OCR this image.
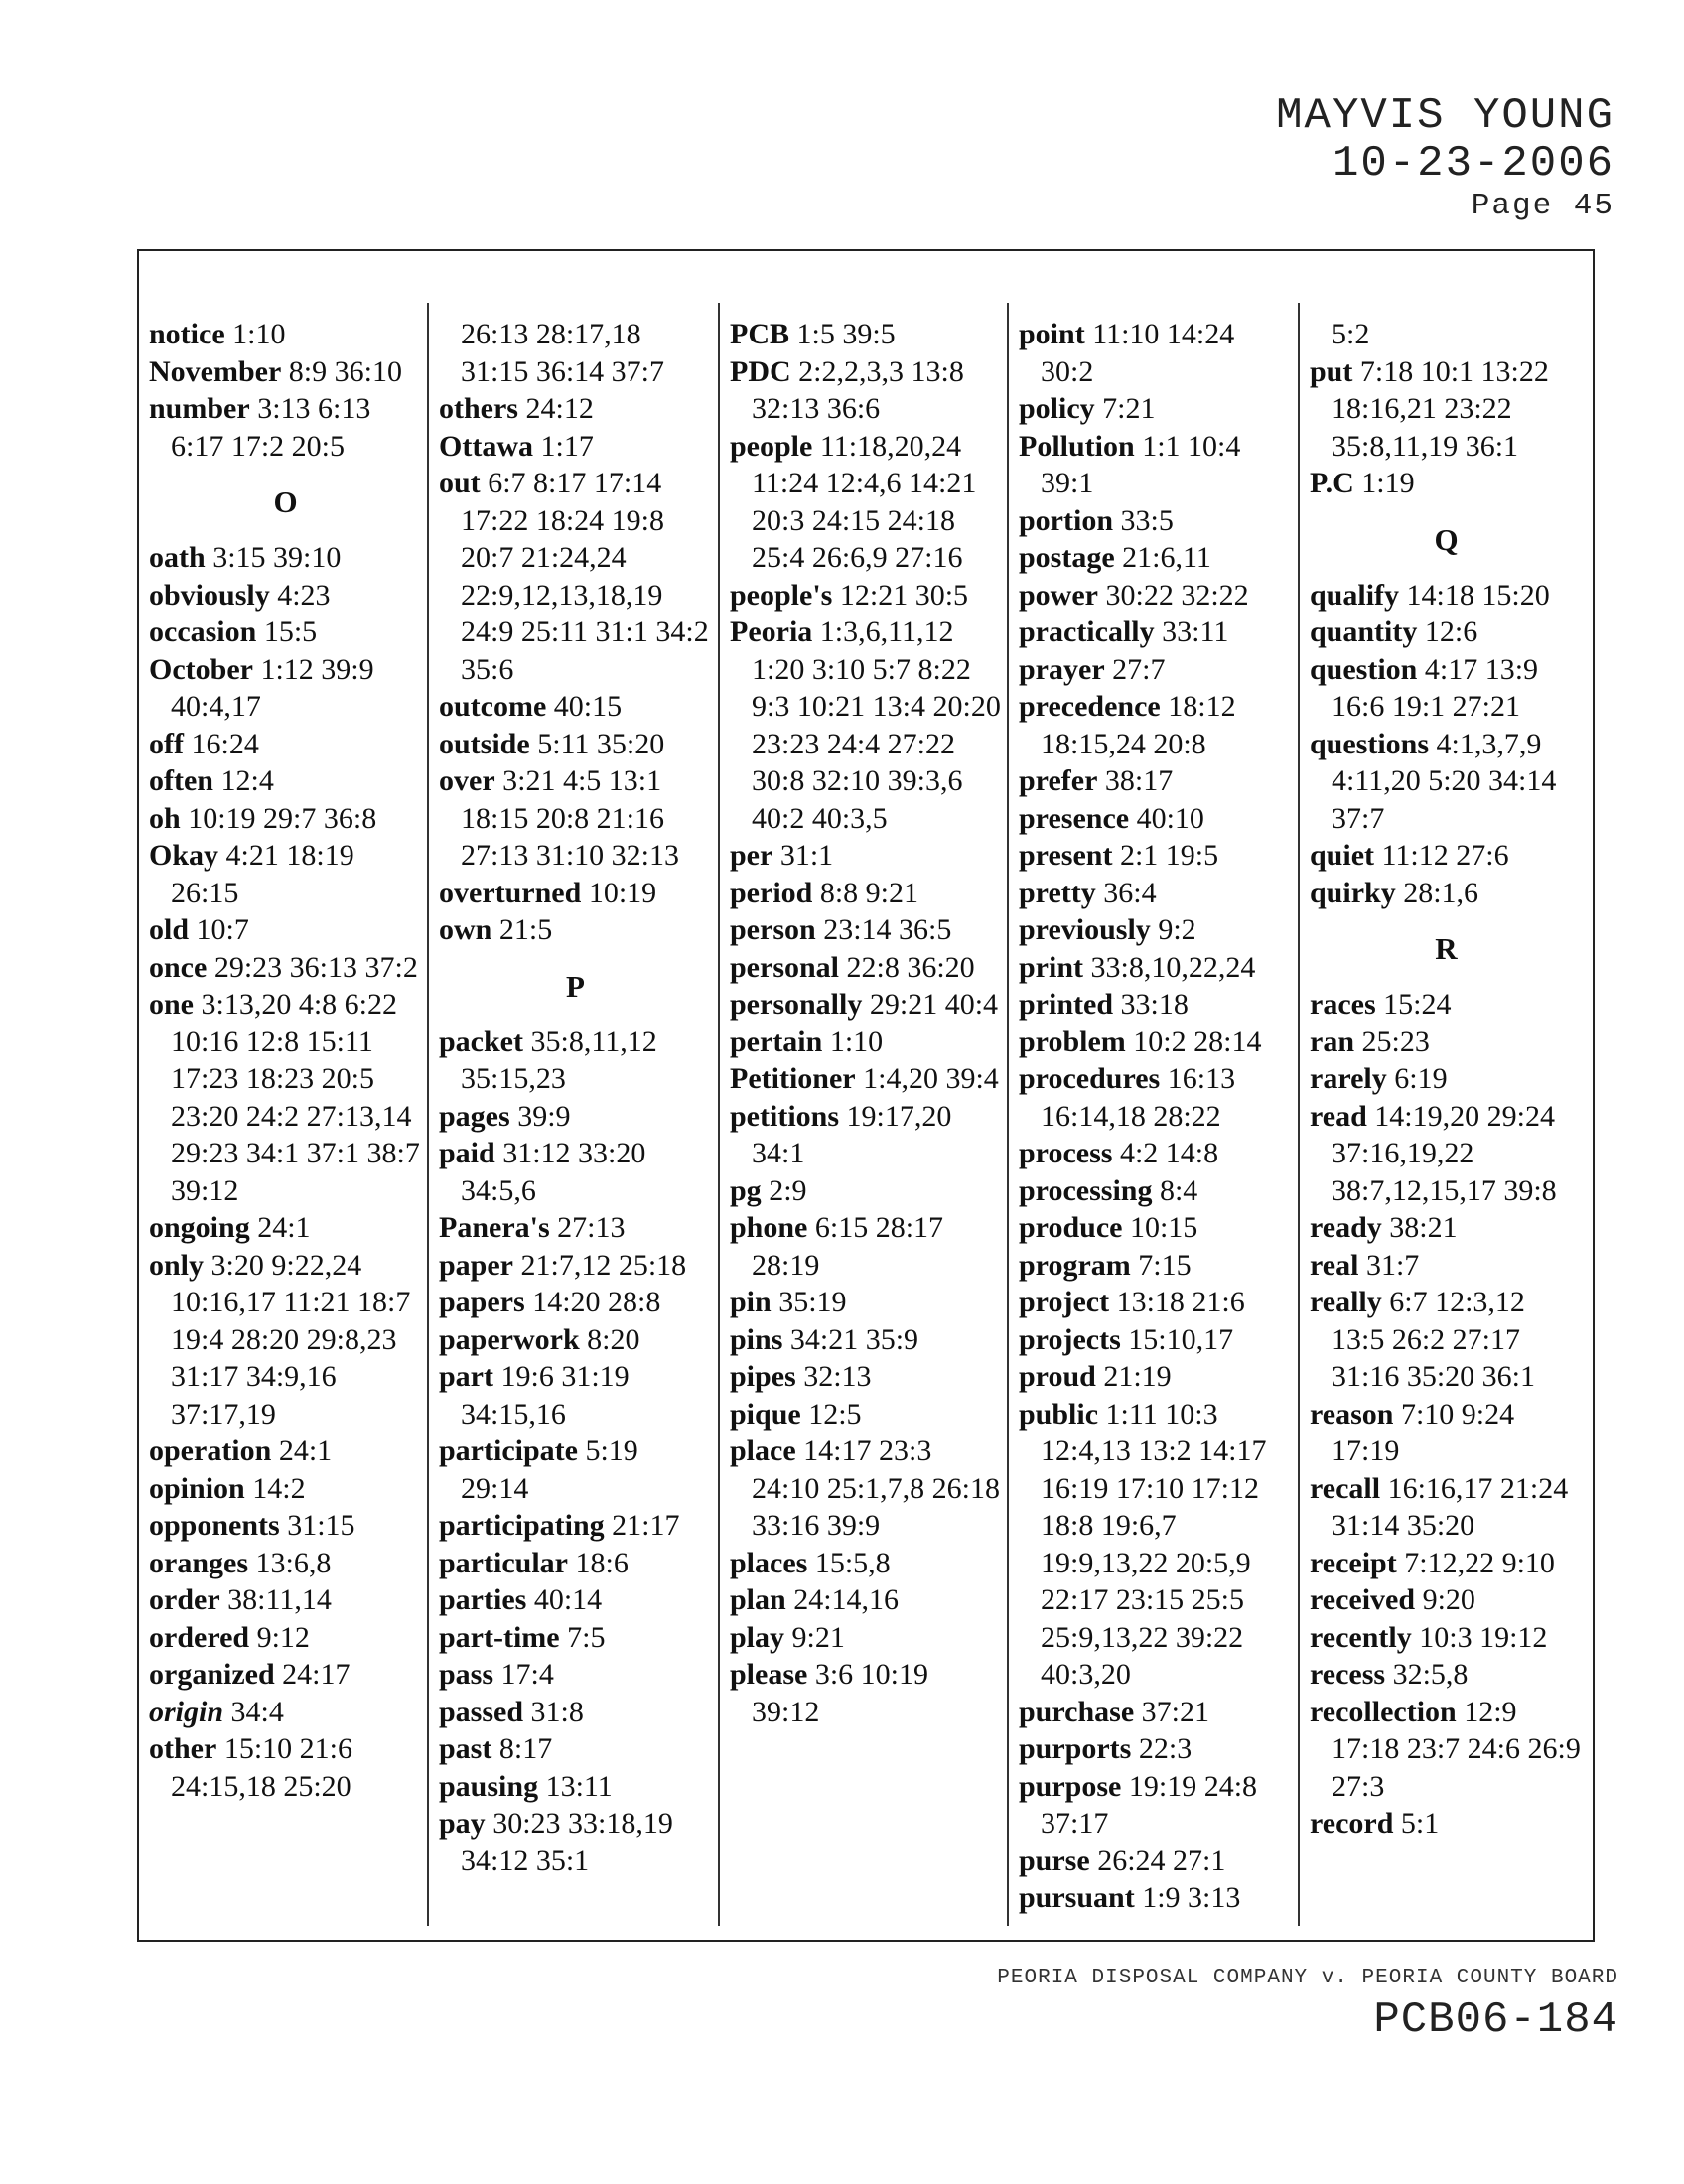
MAYVIS YOUNG
10-23-2006
Page 45
notice 1:10
November 8:9 36:10
number 3:13 6:13 6:17 17:2 20:5
O
oath 3:15 39:10
obviously 4:23
occasion 15:5
October 1:12 39:9 40:4,17
off 16:24
often 12:4
oh 10:19 29:7 36:8
Okay 4:21 18:19 26:15
old 10:7
once 29:23 36:13 37:2
one 3:13,20 4:8 6:22 10:16 12:8 15:11 17:23 18:23 20:5 23:20 24:2 27:13,14 29:23 34:1 37:1 38:7 39:12
ongoing 24:1
only 3:20 9:22,24 10:16,17 11:21 18:7 19:4 28:20 29:8,23 31:17 34:9,16 37:17,19
operation 24:1
opinion 14:2
opponents 31:15
oranges 13:6,8
order 38:11,14
ordered 9:12
organized 24:17
origin 34:4
other 15:10 21:6 24:15,18 25:20
26:13 28:17,18 31:15 36:14 37:7
others 24:12
Ottawa 1:17
out 6:7 8:17 17:14 17:22 18:24 19:8 20:7 21:24,24 22:9,12,13,18,19 24:9 25:11 31:1 34:2 35:6
outcome 40:15
outside 5:11 35:20
over 3:21 4:5 13:1 18:15 20:8 21:16 27:13 31:10 32:13
overturned 10:19
own 21:5
P
packet 35:8,11,12 35:15,23
pages 39:9
paid 31:12 33:20 34:5,6
Panera's 27:13
paper 21:7,12 25:18
papers 14:20 28:8
paperwork 8:20
part 19:6 31:19 34:15,16
participate 5:19 29:14
participating 21:17
particular 18:6
parties 40:14
part-time 7:5
pass 17:4
passed 31:8
past 8:17
pausing 13:11
pay 30:23 33:18,19 34:12 35:1
PCB 1:5 39:5
PDC 2:2,2,3,3 13:8 32:13 36:6
people 11:18,20,24 11:24 12:4,6 14:21 20:3 24:15 24:18 25:4 26:6,9 27:16
people's 12:21 30:5
Peoria 1:3,6,11,12 1:20 3:10 5:7 8:22 9:3 10:21 13:4 20:20 23:23 24:4 27:22 30:8 32:10 39:3,6 40:2 40:3,5
per 31:1
period 8:8 9:21
person 23:14 36:5
personal 22:8 36:20
personally 29:21 40:4
pertain 1:10
Petitioner 1:4,20 39:4
petitions 19:17,20 34:1
pg 2:9
phone 6:15 28:17 28:19
pin 35:19
pins 34:21 35:9
pipes 32:13
pique 12:5
place 14:17 23:3 24:10 25:1,7,8 26:18 33:16 39:9
places 15:5,8
plan 24:14,16
play 9:21
please 3:6 10:19 39:12
point 11:10 14:24 30:2
policy 7:21
Pollution 1:1 10:4 39:1
portion 33:5
postage 21:6,11
power 30:22 32:22
practically 33:11
prayer 27:7
precedence 18:12 18:15,24 20:8
prefer 38:17
presence 40:10
present 2:1 19:5
pretty 36:4
previously 9:2
print 33:8,10,22,24
printed 33:18
problem 10:2 28:14
procedures 16:13 16:14,18 28:22
process 4:2 14:8
processing 8:4
produce 10:15
program 7:15
project 13:18 21:6
projects 15:10,17
proud 21:19
public 1:11 10:3 12:4,13 13:2 14:17 16:19 17:10 17:12 18:8 19:6,7 19:9,13,22 20:5,9 22:17 23:15 25:5 25:9,13,22 39:22 40:3,20
purchase 37:21
purports 22:3
purpose 19:19 24:8 37:17
purse 26:24 27:1
pursuant 1:9 3:13
5:2
put 7:18 10:1 13:22 18:16,21 23:22 35:8,11,19 36:1
P.C 1:19
Q
qualify 14:18 15:20
quantity 12:6
question 4:17 13:9 16:6 19:1 27:21
questions 4:1,3,7,9 4:11,20 5:20 34:14 37:7
quiet 11:12 27:6
quirky 28:1,6
R
races 15:24
ran 25:23
rarely 6:19
read 14:19,20 29:24 37:16,19,22 38:7,12,15,17 39:8
ready 38:21
real 31:7
really 6:7 12:3,12 13:5 26:2 27:17 31:16 35:20 36:1
reason 7:10 9:24 17:19
recall 16:16,17 21:24 31:14 35:20
receipt 7:12,22 9:10
received 9:20
recently 10:3 19:12
recess 32:5,8
recollection 12:9 17:18 23:7 24:6 26:9 27:3
record 5:1
PEORIA DISPOSAL COMPANY v. PEORIA COUNTY BOARD
PCB06-184
